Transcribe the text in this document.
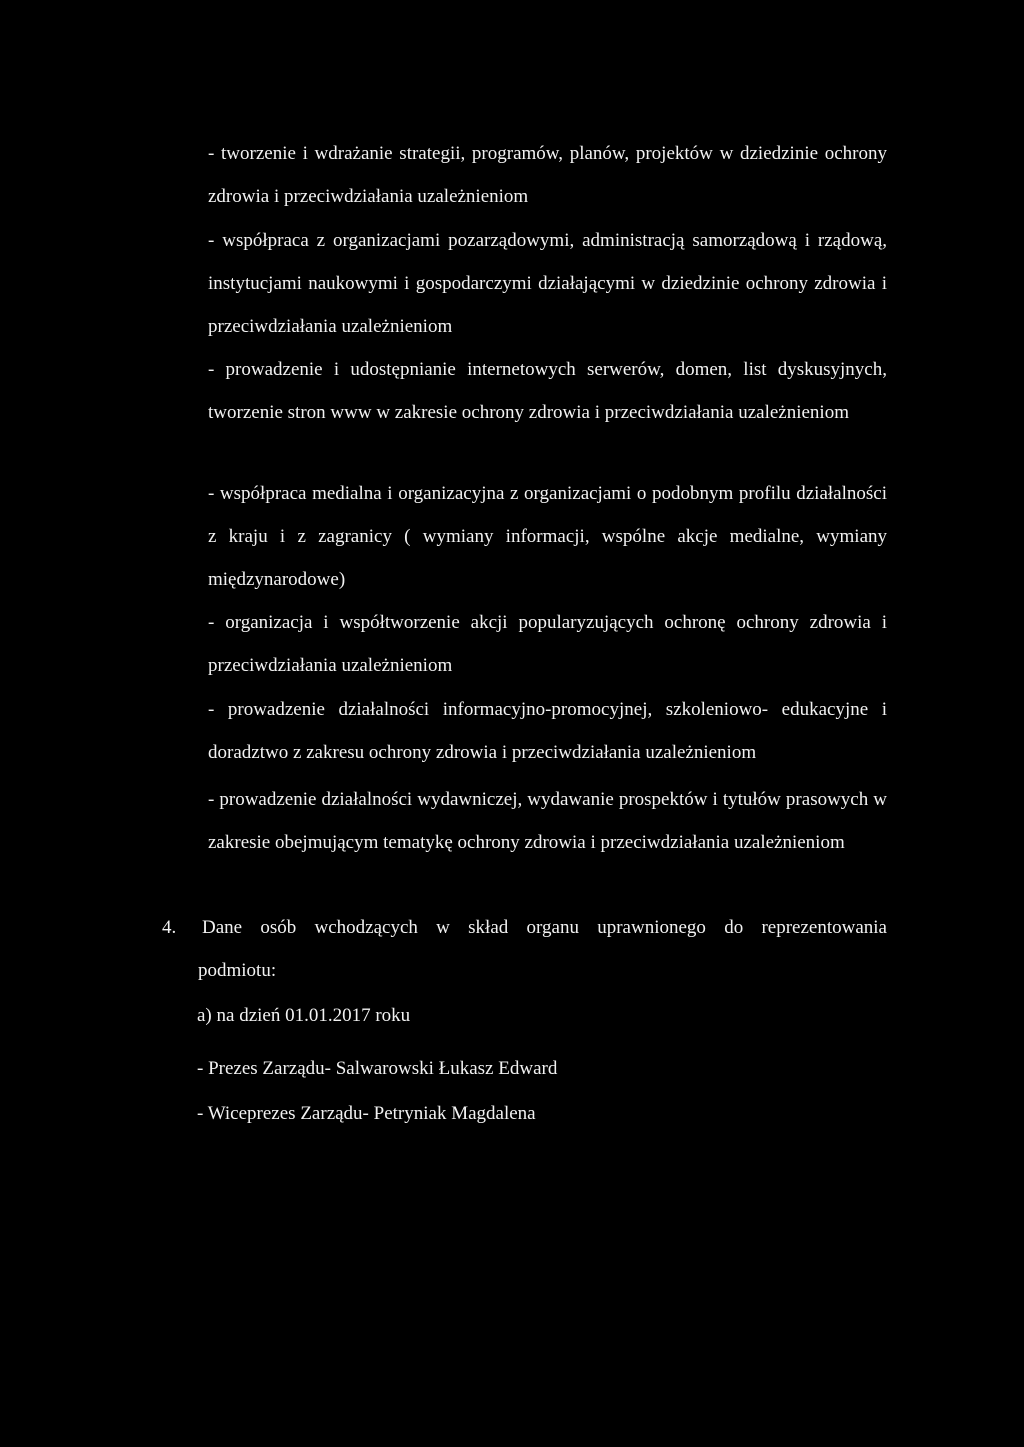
- tworzenie i wdrażanie strategii, programów, planów, projektów w dziedzinie ochrony zdrowia i przeciwdziałania uzależnieniom

- współpraca z organizacjami pozarządowymi, administracją samorządową i rządową, instytucjami naukowymi i gospodarczymi działającymi w dziedzinie ochrony zdrowia i przeciwdziałania uzależnieniom

- prowadzenie i udostępnianie internetowych serwerów, domen, list dyskusyjnych, tworzenie stron www w zakresie ochrony zdrowia i przeciwdziałania uzależnieniom

- współpraca medialna i organizacyjna z organizacjami o podobnym profilu działalności z kraju i z zagranicy ( wymiany informacji, wspólne akcje medialne, wymiany międzynarodowe)

- organizacja i współtworzenie akcji popularyzujących ochronę ochrony zdrowia i przeciwdziałania uzależnieniom

- prowadzenie działalności informacyjno-promocyjnej, szkoleniowo- edukacyjne i doradztwo z zakresu ochrony zdrowia i przeciwdziałania uzależnieniom

- prowadzenie działalności wydawniczej, wydawanie prospektów i tytułów prasowych w zakresie obejmującym tematykę ochrony zdrowia i przeciwdziałania uzależnieniom

4.	Dane osób wchodzących w skład organu uprawnionego do reprezentowania
podmiotu:

a) na dzień 01.01.2017 roku

- Prezes Zarządu- Salwarowski Łukasz Edward

- Wiceprezes Zarządu- Petryniak Magdalena
